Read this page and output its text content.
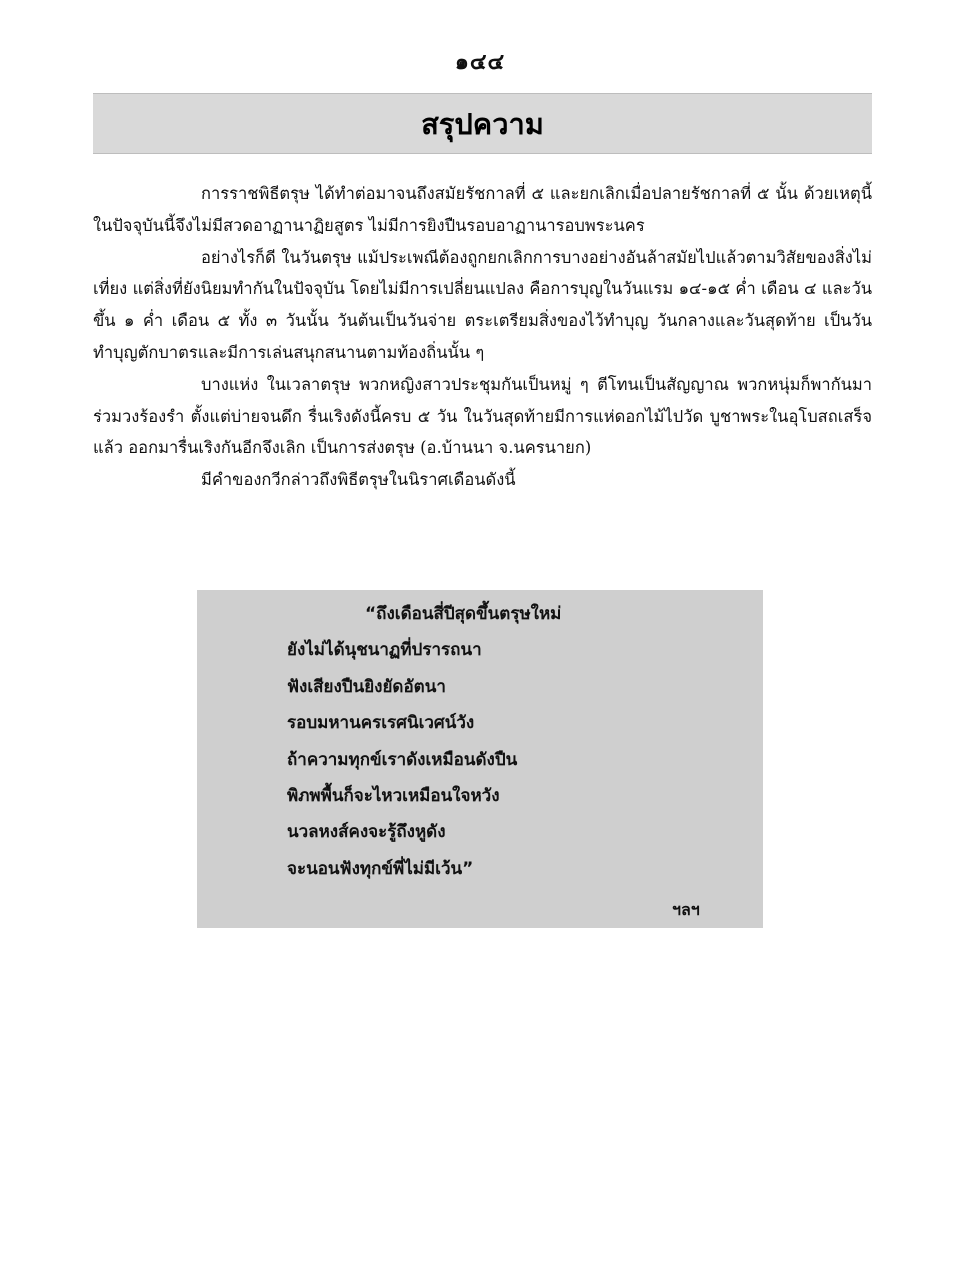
๑๔๔
สรุปความ

การราชพิธีตรุษ ได้ทำต่อมาจนถึงสมัยรัชกาลที่ ๕ และยกเลิกเมื่อปลายรัชกาลที่ ๕ นั้น ด้วยเหตุนี้ ในปัจจุบันนี้จึงไม่มีสวดอาฏานาฏิยสูตร ไม่มีการยิงปืนรอบอาฏานารอบพระนคร

อย่างไรก็ดี ในวันตรุษ แม้ประเพณีต้องถูกยกเลิกการบางอย่างอันล้าสมัยไปแล้วตามวิสัยของสิ่งไม่เที่ยง แต่สิ่งที่ยังนิยมทำกันในปัจจุบัน โดยไม่มีการเปลี่ยนแปลง คือการบุญในวันแรม ๑๔-๑๕ ค่ำ เดือน ๔ และวันขึ้น ๑ ค่ำ เดือน ๕ ทั้ง ๓ วันนั้น วันต้นเป็นวันจ่าย ตระเตรียมสิ่งของไว้ทำบุญ วันกลางและวันสุดท้าย เป็นวันทำบุญตักบาตรและมีการเล่นสนุกสนานตามท้องถิ่นนั้น ๆ

บางแห่ง ในเวลาตรุษ พวกหญิงสาวประชุมกันเป็นหมู่ ๆ ตีโทนเป็นสัญญาณ พวกหนุ่มก็พากันมาร่วมวงร้องรำ ตั้งแต่บ่ายจนดึก รื่นเริงดังนี้ครบ ๕ วัน ในวันสุดท้ายมีการแห่ดอกไม้ไปวัด บูชาพระในอุโบสถเสร็จแล้ว ออกมารื่นเริงกันอีกจึงเลิก เป็นการส่งตรุษ (อ.บ้านนา จ.นครนายก)

มีคำของกวีกล่าวถึงพิธีตรุษในนิราศเดือนดังนี้

“ถึงเดือนสี่ปีสุดขึ้นตรุษใหม่
ยังไม่ได้นุชนาฏที่ปรารถนา
ฟังเสียงปืนยิงยัดอัตนา
รอบมหานครเรศนิเวศน์วัง
ถ้าความทุกข์เราดังเหมือนดังปืน
พิภพพื้นก็จะไหวเหมือนใจหวัง
นวลหงส์คงจะรู้ถึงหูดัง
จะนอนฟังทุกข์พี่ไม่มีเว้น”
ฯลฯ
